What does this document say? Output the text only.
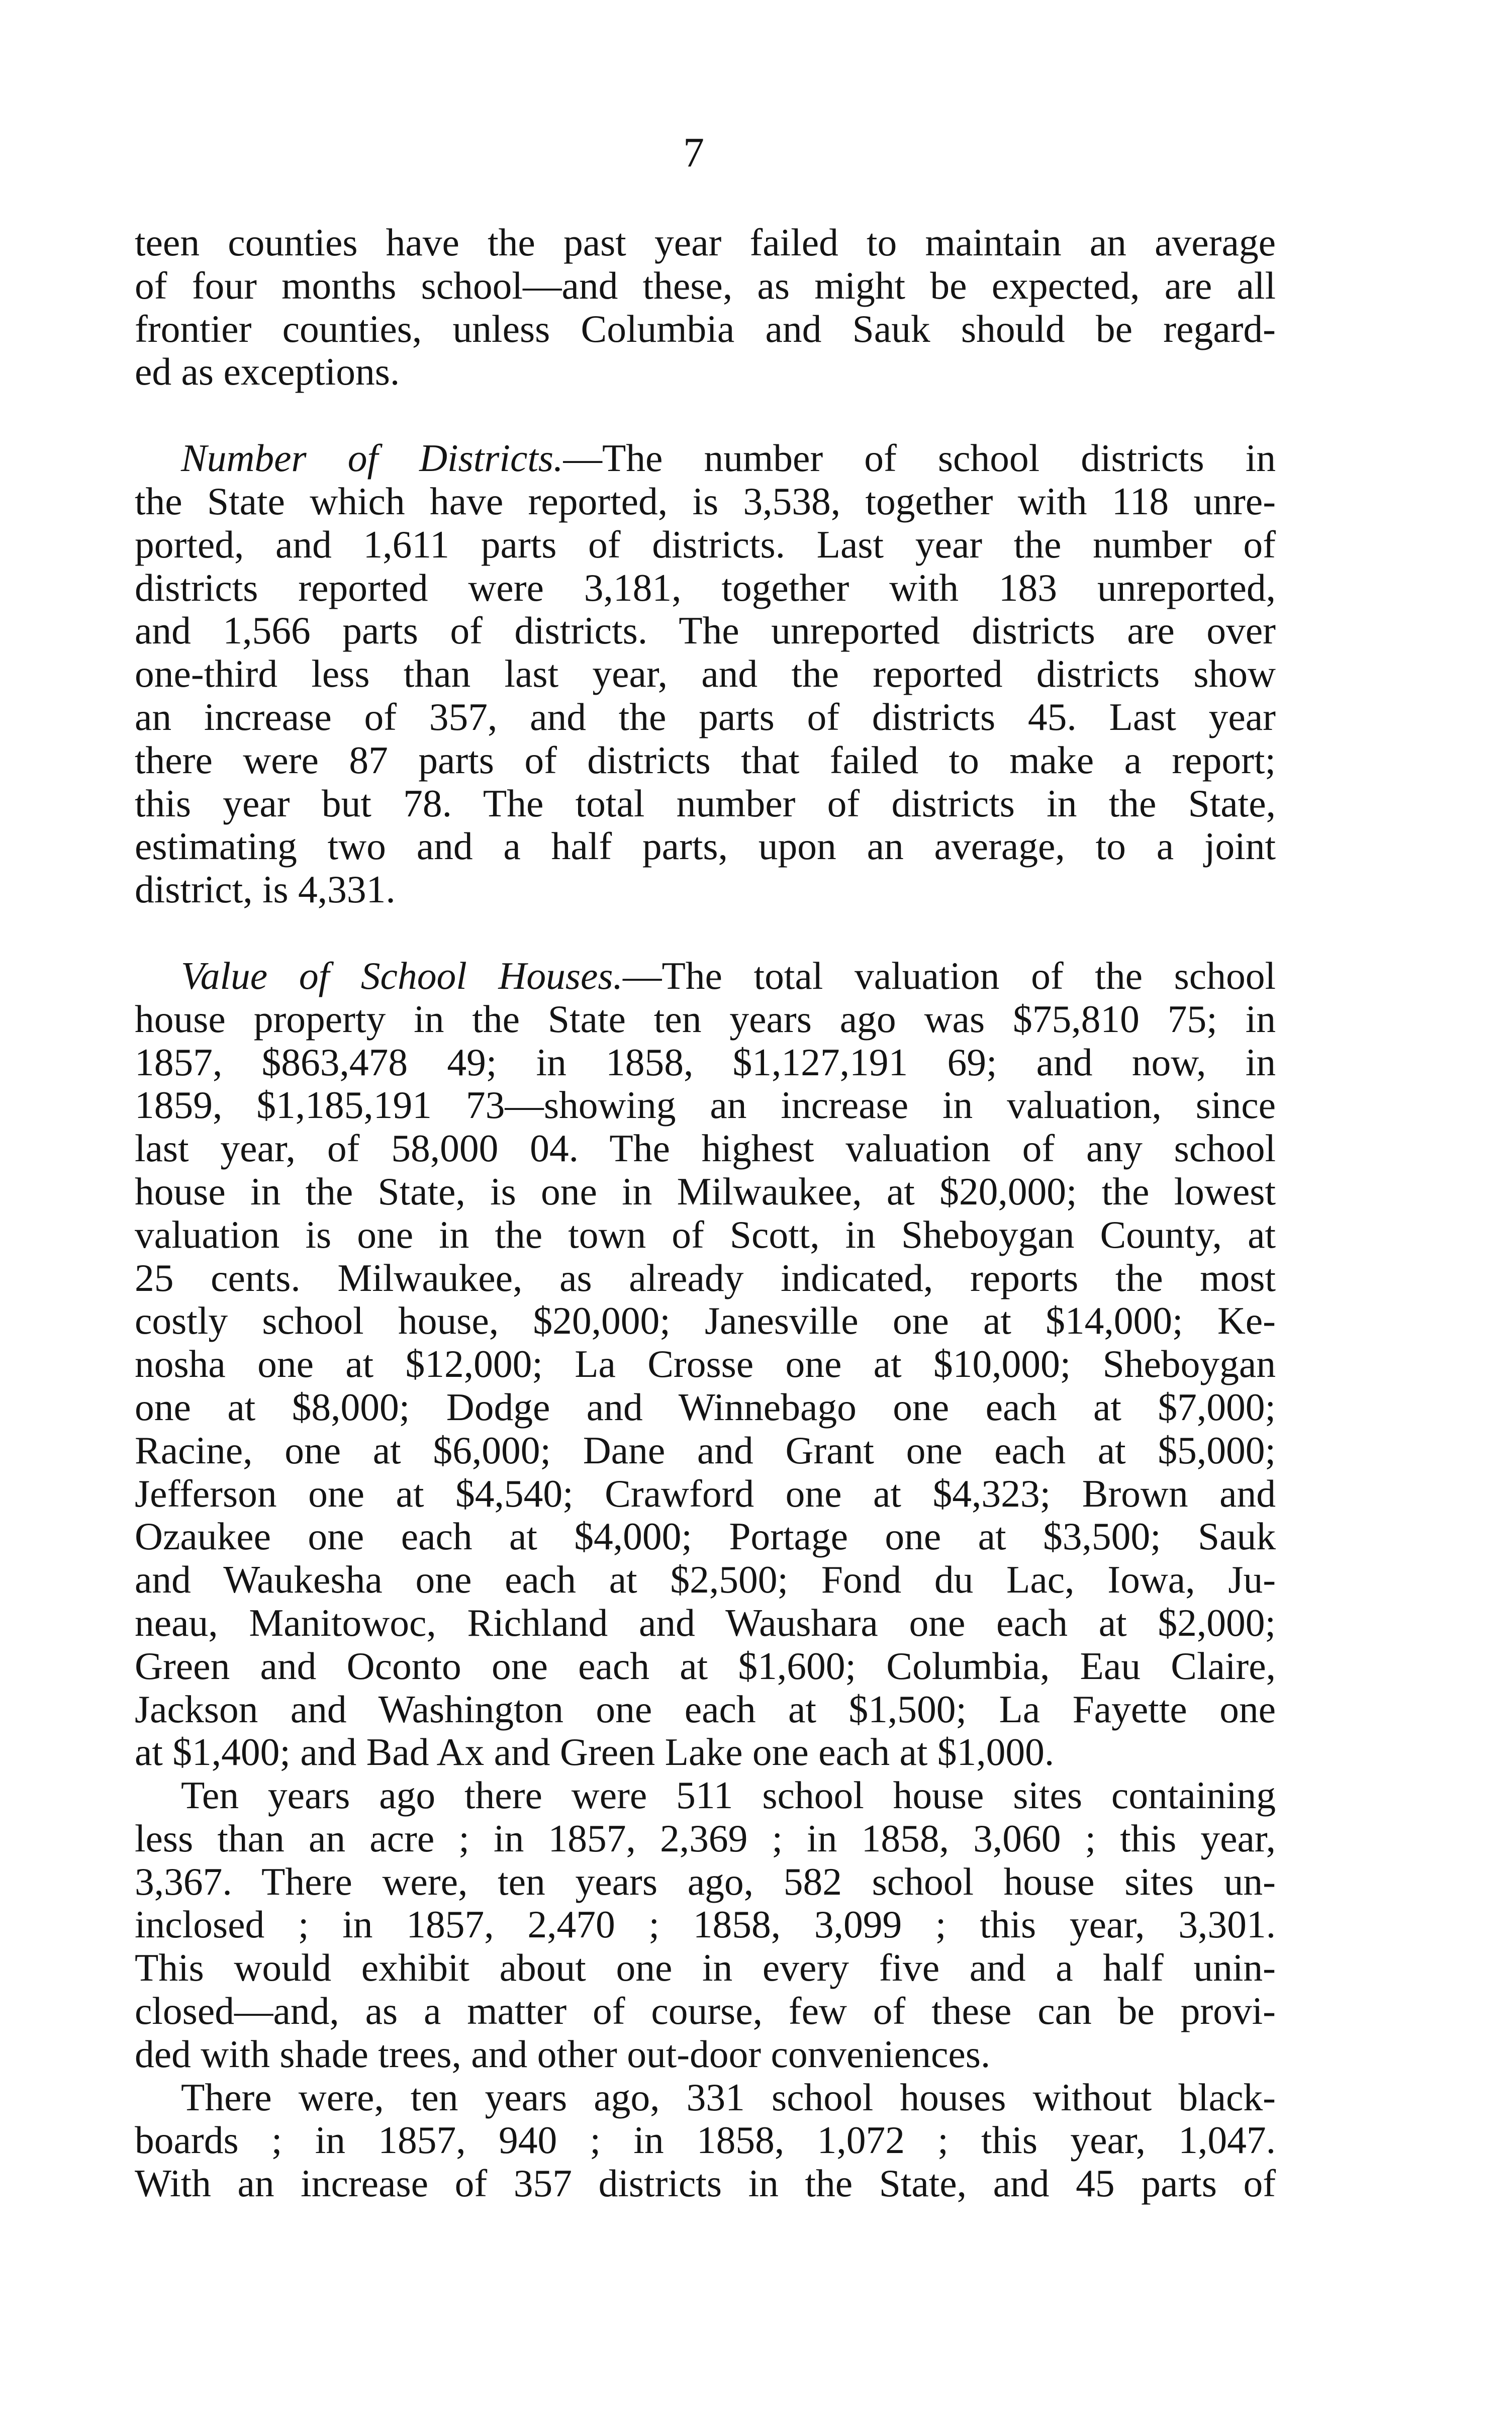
7
teen counties have the past year failed to maintain an average
of four months school—and these, as might be expected, are all
frontier counties, unless Columbia and Sauk should be regard-
ed as exceptions.
Number of Districts.—The number of school districts in
the State which have reported, is 3,538, together with 118 unre-
ported, and 1,611 parts of districts. Last year the number of
districts reported were 3,181, together with 183 unreported,
and 1,566 parts of districts. The unreported districts are over
one-third less than last year, and the reported districts show
an increase of 357, and the parts of districts 45. Last year
there were 87 parts of districts that failed to make a report;
this year but 78. The total number of districts in the State,
estimating two and a half parts, upon an average, to a joint
district, is 4,331.
Value of School Houses.—The total valuation of the school
house property in the State ten years ago was $75,810 75; in
1857, $863,478 49; in 1858, $1,127,191 69; and now, in
1859, $1,185,191 73—showing an increase in valuation, since
last year, of 58,000 04. The highest valuation of any school
house in the State, is one in Milwaukee, at $20,000; the lowest
valuation is one in the town of Scott, in Sheboygan County, at
25 cents. Milwaukee, as already indicated, reports the most
costly school house, $20,000; Janesville one at $14,000; Ke-
nosha one at $12,000; La Crosse one at $10,000; Sheboygan
one at $8,000; Dodge and Winnebago one each at $7,000;
Racine, one at $6,000; Dane and Grant one each at $5,000;
Jefferson one at $4,540; Crawford one at $4,323; Brown and
Ozaukee one each at $4,000; Portage one at $3,500; Sauk
and Waukesha one each at $2,500; Fond du Lac, Iowa, Ju-
neau, Manitowoc, Richland and Waushara one each at $2,000;
Green and Oconto one each at $1,600; Columbia, Eau Claire,
Jackson and Washington one each at $1,500; La Fayette one
at $1,400; and Bad Ax and Green Lake one each at $1,000.
Ten years ago there were 511 school house sites containing
less than an acre ; in 1857, 2,369 ; in 1858, 3,060 ; this year,
3,367. There were, ten years ago, 582 school house sites un-
inclosed ; in 1857, 2,470 ; 1858, 3,099 ; this year, 3,301.
This would exhibit about one in every five and a half unin-
closed—and, as a matter of course, few of these can be provi-
ded with shade trees, and other out-door conveniences.
There were, ten years ago, 331 school houses without black-
boards ; in 1857, 940 ; in 1858, 1,072 ; this year, 1,047.
With an increase of 357 districts in the State, and 45 parts of
